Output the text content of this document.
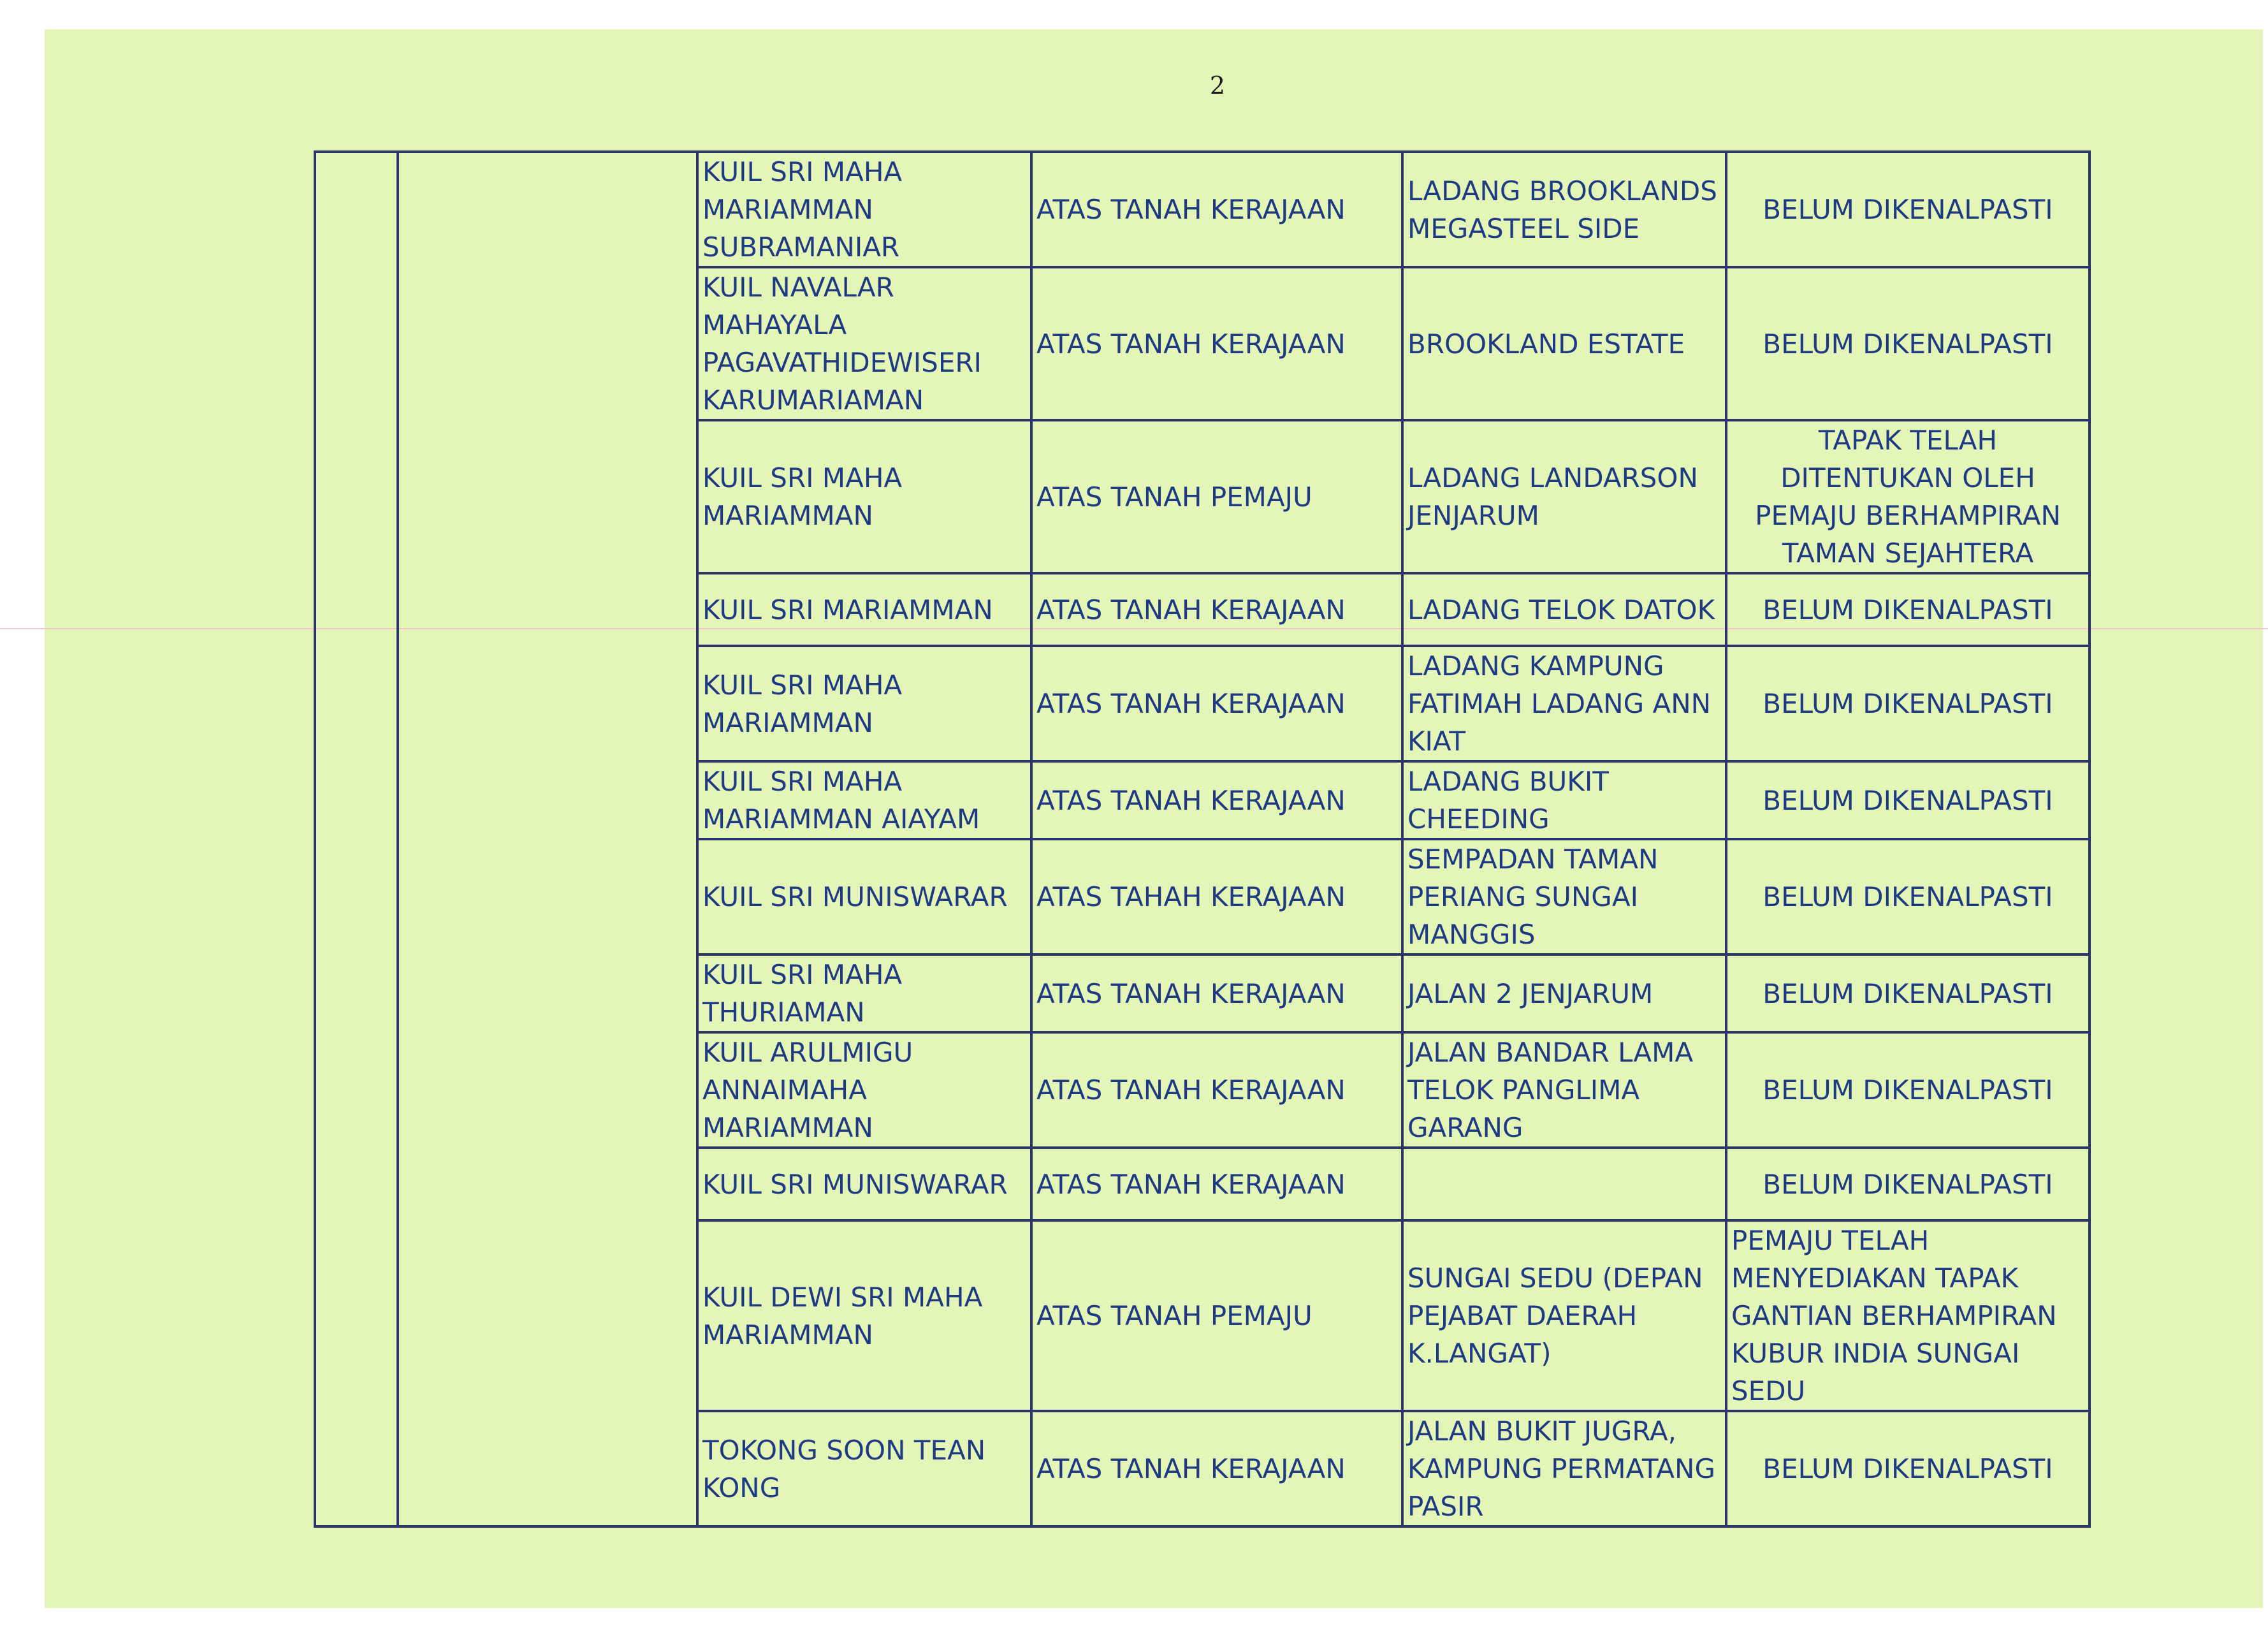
2
		KUIL SRI MAHA MARIAMMAN SUBRAMANIAR	ATAS TANAH KERAJAAN	LADANG BROOKLANDS MEGASTEEL SIDE	BELUM DIKENALPASTI
		KUIL NAVALAR MAHAYALA PAGAVATHIDEWISERI KARUMARIAMAN	ATAS TANAH KERAJAAN	BROOKLAND ESTATE	BELUM DIKENALPASTI
		KUIL SRI MAHA MARIAMMAN	ATAS TANAH PEMAJU	LADANG LANDARSON JENJARUM	TAPAK TELAH DITENTUKAN OLEH PEMAJU BERHAMPIRAN TAMAN SEJAHTERA
		KUIL SRI MARIAMMAN	ATAS TANAH KERAJAAN	LADANG TELOK DATOK	BELUM DIKENALPASTI
		KUIL SRI MAHA MARIAMMAN	ATAS TANAH KERAJAAN	LADANG KAMPUNG FATIMAH LADANG ANN KIAT	BELUM DIKENALPASTI
		KUIL SRI MAHA MARIAMMAN AIAYAM	ATAS TANAH KERAJAAN	LADANG BUKIT CHEEDING	BELUM DIKENALPASTI
		KUIL SRI MUNISWARAR	ATAS TAHAH KERAJAAN	SEMPADAN TAMAN PERIANG SUNGAI MANGGIS	BELUM DIKENALPASTI
		KUIL SRI MAHA THURIAMAN	ATAS TANAH KERAJAAN	JALAN 2 JENJARUM	BELUM DIKENALPASTI
		KUIL ARULMIGU ANNAIMAHA MARIAMMAN	ATAS TANAH KERAJAAN	JALAN BANDAR LAMA TELOK PANGLIMA GARANG	BELUM DIKENALPASTI
		KUIL SRI MUNISWARAR	ATAS TANAH KERAJAAN		BELUM DIKENALPASTI
		KUIL DEWI SRI MAHA MARIAMMAN	ATAS TANAH PEMAJU	SUNGAI SEDU (DEPAN PEJABAT DAERAH K.LANGAT)	PEMAJU TELAH MENYEDIAKAN TAPAK GANTIAN BERHAMPIRAN KUBUR INDIA SUNGAI SEDU
		TOKONG SOON TEAN KONG	ATAS TANAH KERAJAAN	JALAN BUKIT JUGRA, KAMPUNG PERMATANG PASIR	BELUM DIKENALPASTI
